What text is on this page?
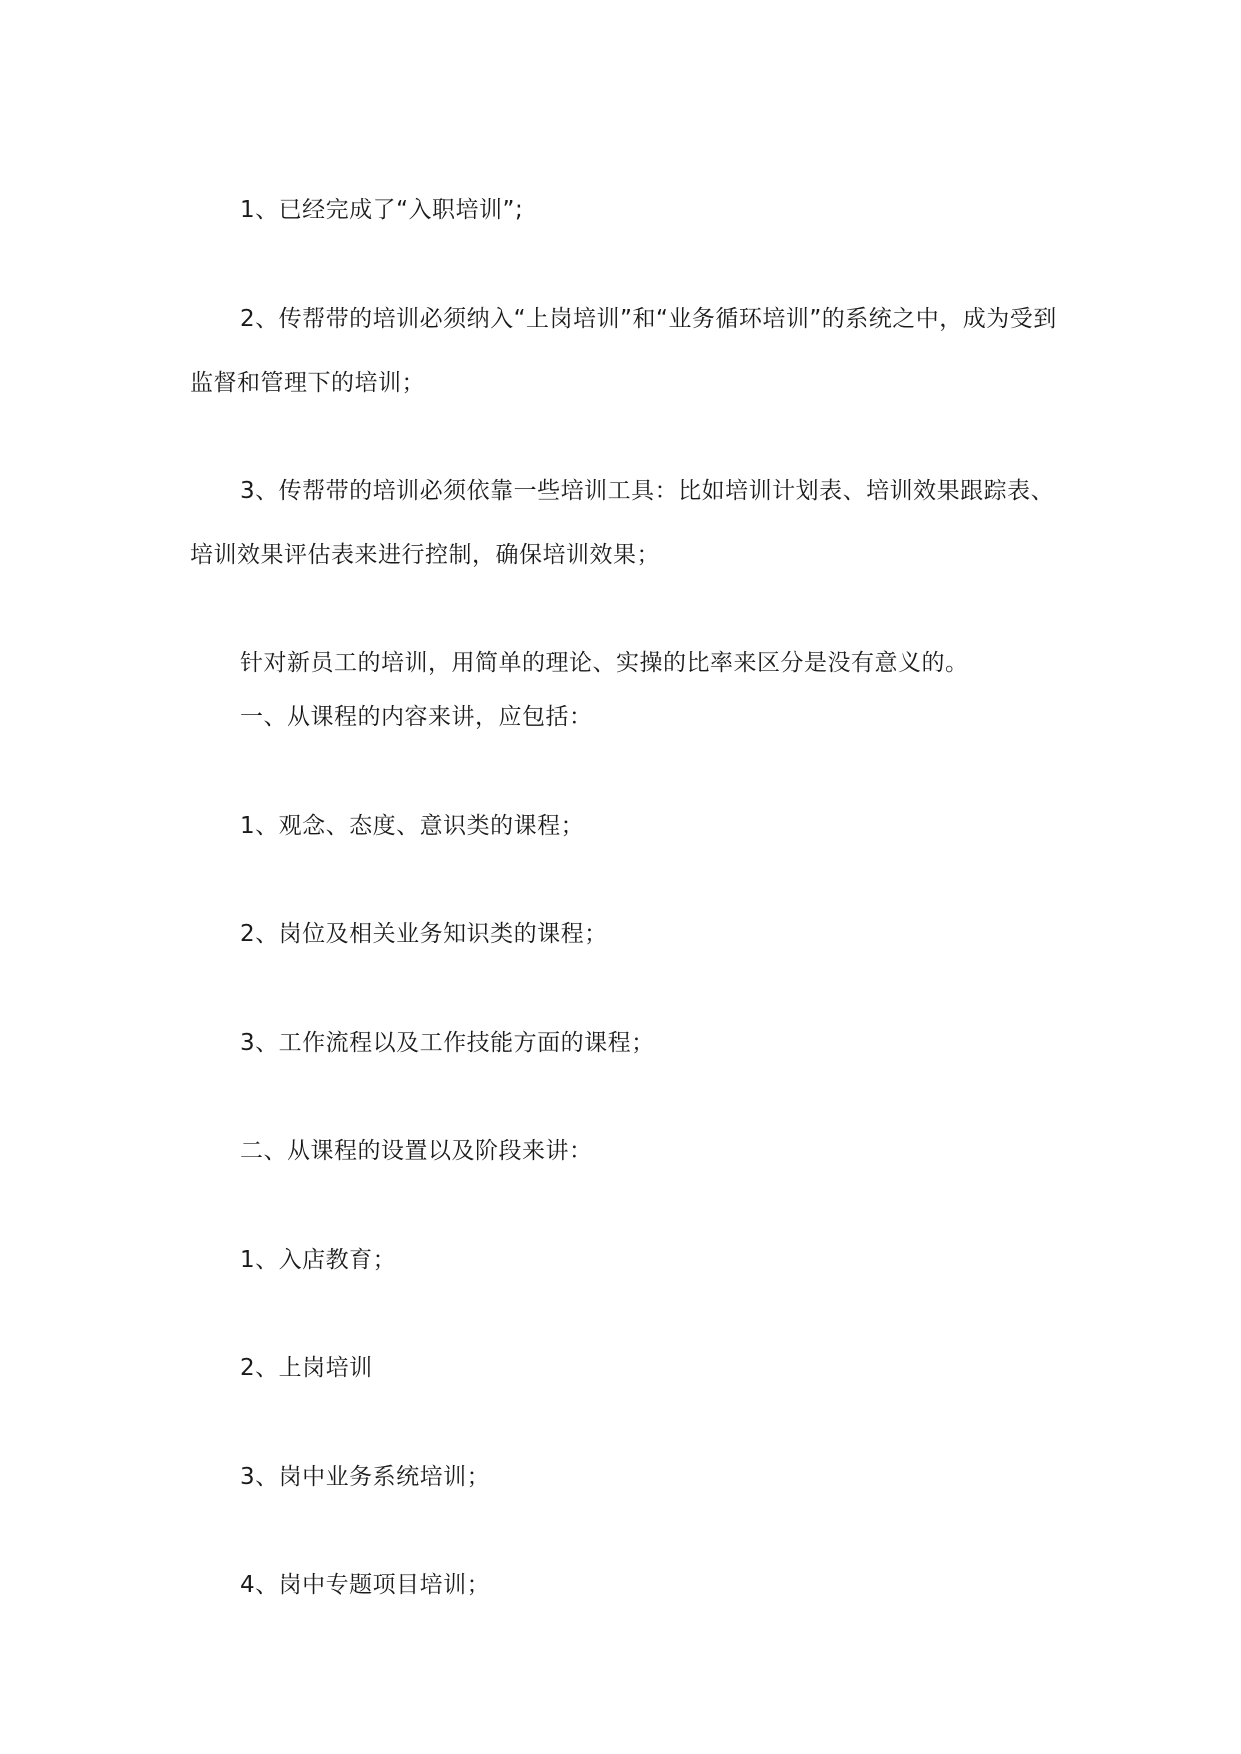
1、已经完成了“入职培训”;

2、传帮带的培训必须纳入“上岗培训”和“业务循环培训”的系统之中，成为受到监督和管理下的培训；

3、传帮带的培训必须依靠一些培训工具：比如培训计划表、培训效果跟踪表、培训效果评估表来进行控制，确保培训效果；

针对新员工的培训，用简单的理论、实操的比率来区分是没有意义的。

一、从课程的内容来讲，应包括：

1、观念、态度、意识类的课程；

2、岗位及相关业务知识类的课程；

3、工作流程以及工作技能方面的课程；

二、从课程的设置以及阶段来讲：

1、入店教育；

2、上岗培训

3、岗中业务系统培训；

4、岗中专题项目培训；
